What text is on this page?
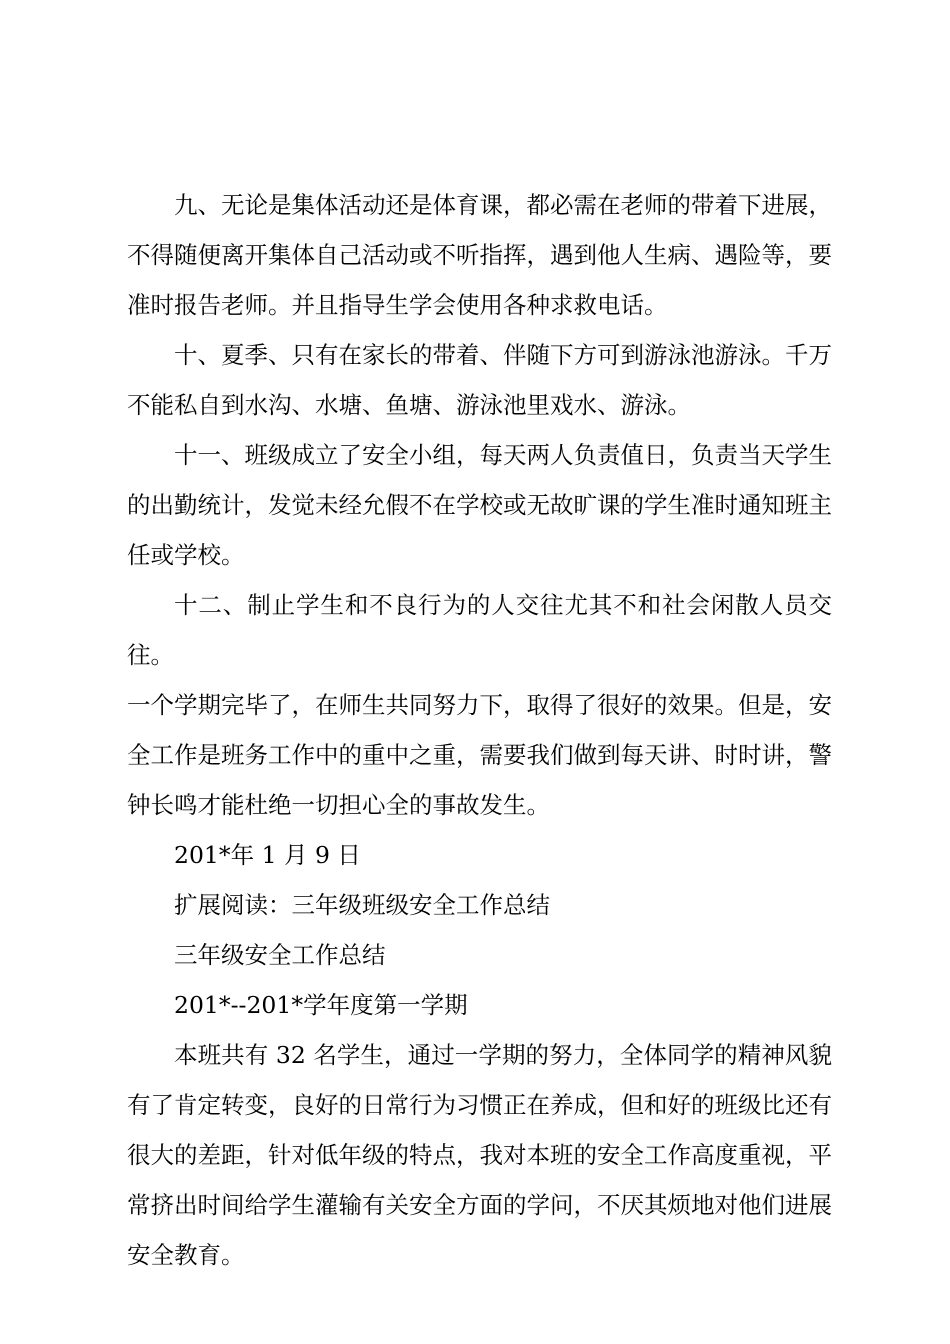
九、无论是集体活动还是体育课，都必需在老师的带着下进展，不得随便离开集体自己活动或不听指挥，遇到他人生病、遇险等，要准时报告老师。并且指导生学会使用各种求救电话。

十、夏季、只有在家长的带着、伴随下方可到游泳池游泳。千万不能私自到水沟、水塘、鱼塘、游泳池里戏水、游泳。

十一、班级成立了安全小组，每天两人负责值日，负责当天学生的出勤统计，发觉未经允假不在学校或无故旷课的学生准时通知班主任或学校。

十二、制止学生和不良行为的人交往尤其不和社会闲散人员交往。

一个学期完毕了，在师生共同努力下，取得了很好的效果。但是，安全工作是班务工作中的重中之重，需要我们做到每天讲、时时讲，警钟长鸣才能杜绝一切担心全的事故发生。

201*年 1 月 9 日

扩展阅读：三年级班级安全工作总结

三年级安全工作总结

201*--201*学年度第一学期

本班共有 32 名学生，通过一学期的努力，全体同学的精神风貌有了肯定转变，良好的日常行为习惯正在养成，但和好的班级比还有很大的差距，针对低年级的特点，我对本班的安全工作高度重视，平常挤出时间给学生灌输有关安全方面的学问，不厌其烦地对他们进展安全教育。
